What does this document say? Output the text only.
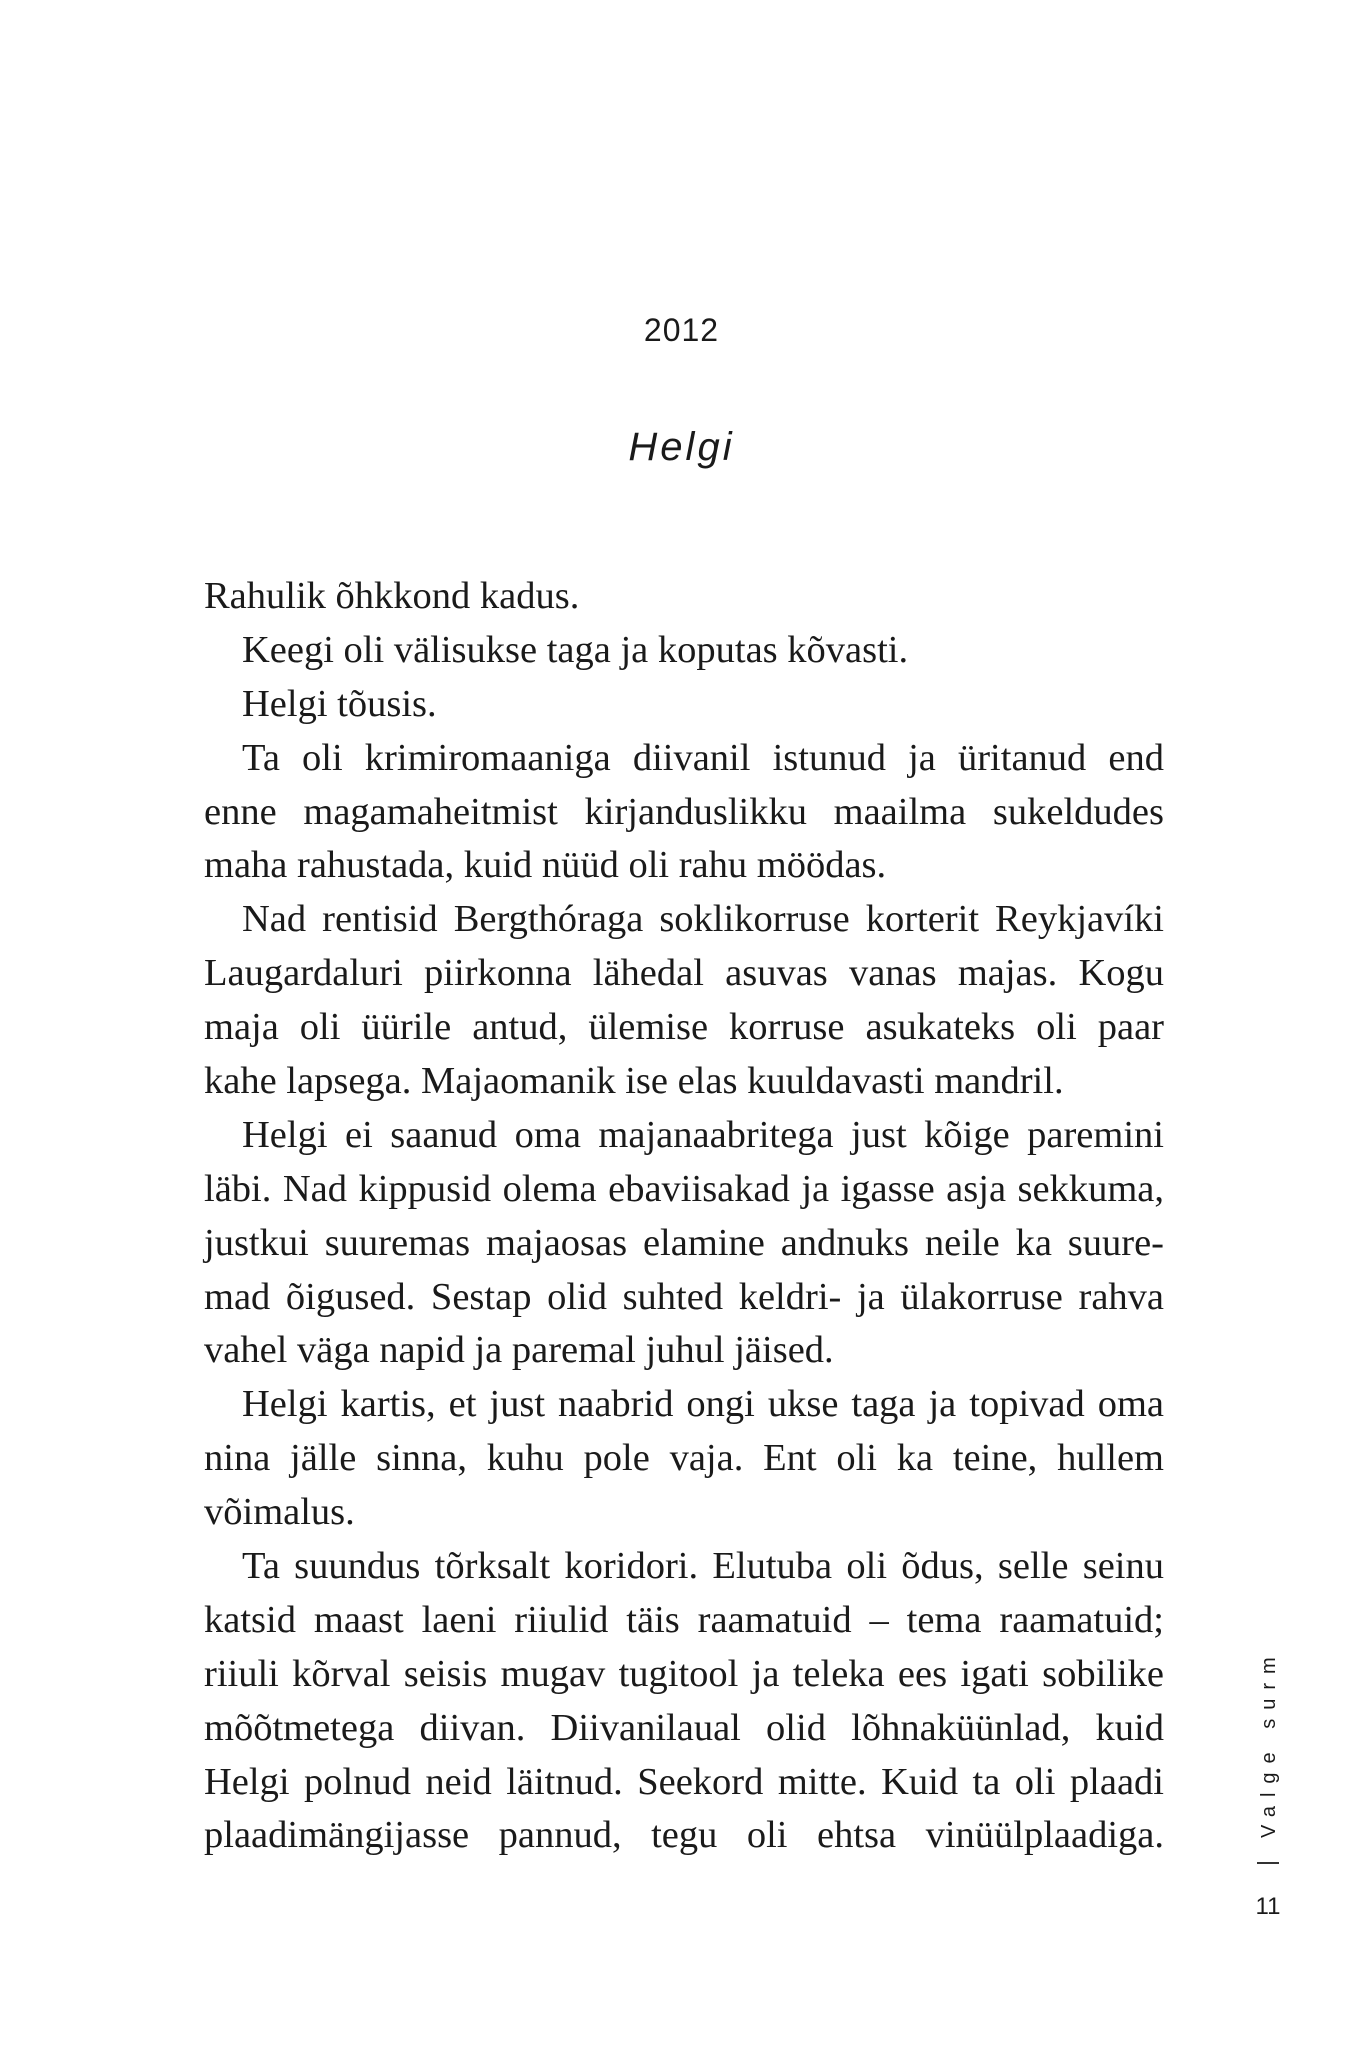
2012
Helgi
Rahulik õhkkond kadus.
Keegi oli välisukse taga ja koputas kõvasti.
Helgi tõusis.
Ta oli krimiromaaniga diivanil istunud ja üritanud end
enne magamaheitmist kirjanduslikku maailma sukeldudes
maha rahustada, kuid nüüd oli rahu möödas.
Nad rentisid Bergthóraga soklikorruse korterit Reykjavíki
Laugardaluri piirkonna lähedal asuvas vanas majas. Kogu
maja oli üürile antud, ülemise korruse asukateks oli paar
kahe lapsega. Majaomanik ise elas kuuldavasti mandril.
Helgi ei saanud oma majanaabritega just kõige paremini
läbi. Nad kippusid olema ebaviisakad ja igasse asja sekkuma,
justkui suuremas majaosas elamine andnuks neile ka suure-
mad õigused. Sestap olid suhted keldri- ja ülakorruse rahva
vahel väga napid ja paremal juhul jäised.
Helgi kartis, et just naabrid ongi ukse taga ja topivad oma
nina jälle sinna, kuhu pole vaja. Ent oli ka teine, hullem
võimalus.
Ta suundus tõrksalt koridori. Elutuba oli õdus, selle seinu
katsid maast laeni riiulid täis raamatuid – tema raamatuid;
riiuli kõrval seisis mugav tugitool ja teleka ees igati sobilike
mõõtmetega diivan. Diivanilaual olid lõhnaküünlad, kuid
Helgi polnud neid läitnud. Seekord mitte. Kuid ta oli plaadi
plaadimängijasse pannud, tegu oli ehtsa vinüülplaadiga.	Valge surm
11
